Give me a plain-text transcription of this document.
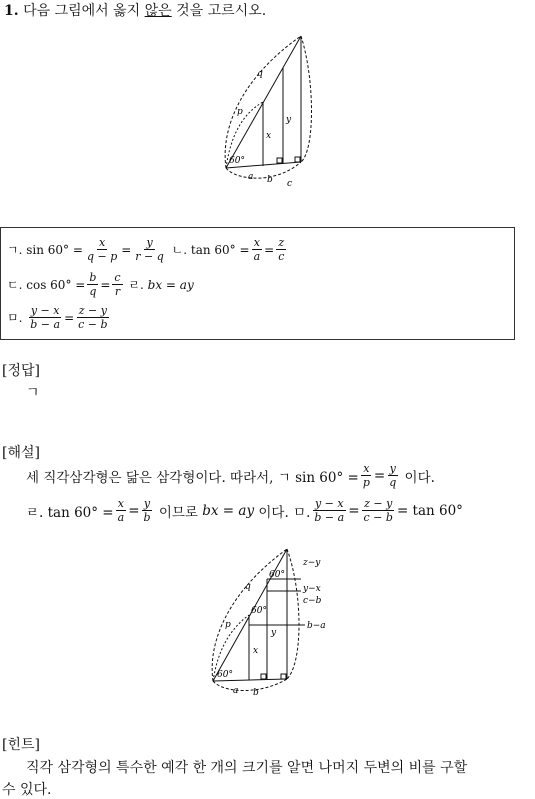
1. 다음 그림에서 옳지 않은 것을 고르시오.
60°
q
p
x
y
a b c
ㄱ.
$\sin 60^\circ = \frac{x}{q - p} = \frac{y}{r - q}$
ㄴ.
$\tan 60^\circ = \frac{x}{a} = \frac{z}{c}$
ㄷ.
$\cos 60^\circ = \frac{b}{q} = \frac{c}{r}$
ㄹ.
bx = ay
ㅁ.
$\frac{y - x}{b - a} = \frac{z - y}{c - b}$
[정답]
ㄱ
[해설]
세 직각삼각형은 닮은 삼각형이다. 따라서, ㄱ $\sin 60^\circ = \frac{x}{p} = \frac{y}{q}$
이다.
ㄹ. $\tan 60^\circ = \frac{x}{a} = \frac{y}{b}$
이므로
bx = ay
이다. ㅁ. $\frac{y - x}{b - a} = \frac{z - y}{c - b} = \tan 60^\circ$
60°
60°
60°
q
p
x
y
a b
z−y
y−x
c−b
b−a
[힌트]
직각 삼각형의 특수한 예각 한 개의 크기를 알면 나머지 두변의 비를 구할
수 있다.
